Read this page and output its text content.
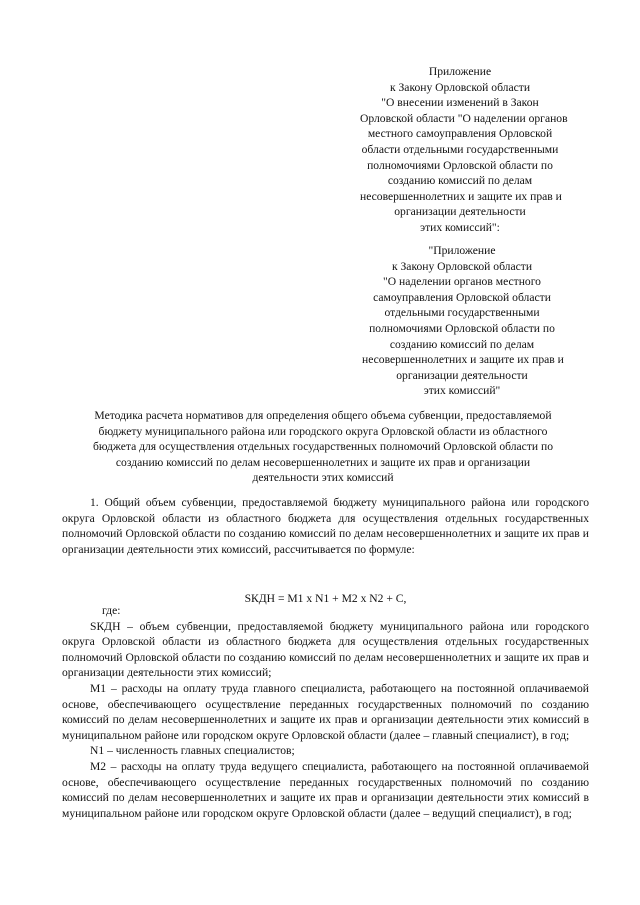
Приложение
к Закону Орловской области
"О внесении изменений в Закон
Орловской области "О наделении органов
местного самоуправления Орловской
области отдельными государственными
полномочиями Орловской области по
созданию комиссий по делам
несовершеннолетних и защите их прав и
организации деятельности
этих комиссий":
"Приложение
к Закону Орловской области
"О наделении органов местного
самоуправления Орловской области
отдельными государственными
полномочиями Орловской области по
созданию комиссий по делам
несовершеннолетних и защите их прав и
организации деятельности
этих комиссий"
Методика расчета нормативов для определения общего объема субвенции, предоставляемой
бюджету муниципального района или городского округа Орловской области из областного
бюджета для осуществления отдельных государственных полномочий Орловской области по
созданию комиссий по делам несовершеннолетних и защите их прав и организации
деятельности этих комиссий

1. Общий объем субвенции, предоставляемой бюджету муниципального района или городского округа Орловской области из областного бюджета для осуществления отдельных государственных полномочий Орловской области по созданию комиссий по делам несовершеннолетних и защите их прав и организации деятельности этих комиссий, рассчитывается по формуле:

SКДН = М1 х N1 + М2 х N2 + С,

где:

SКДН – объем субвенции, предоставляемой бюджету муниципального района или городского округа Орловской области из областного бюджета для осуществления отдельных государственных полномочий Орловской области по созданию комиссий по делам несовершеннолетних и защите их прав и организации деятельности этих комиссий;

М1 – расходы на оплату труда главного специалиста, работающего на постоянной оплачиваемой основе, обеспечивающего осуществление переданных государственных полномочий по созданию комиссий по делам несовершеннолетних и защите их прав и организации деятельности этих комиссий в муниципальном районе или городском округе Орловской области (далее – главный специалист), в год;

N1 – численность главных специалистов;

М2 – расходы на оплату труда ведущего специалиста, работающего на постоянной оплачиваемой основе, обеспечивающего осуществление переданных государственных полномочий по созданию комиссий по делам несовершеннолетних и защите их прав и организации деятельности этих комиссий в муниципальном районе или городском округе Орловской области (далее – ведущий специалист), в год;
